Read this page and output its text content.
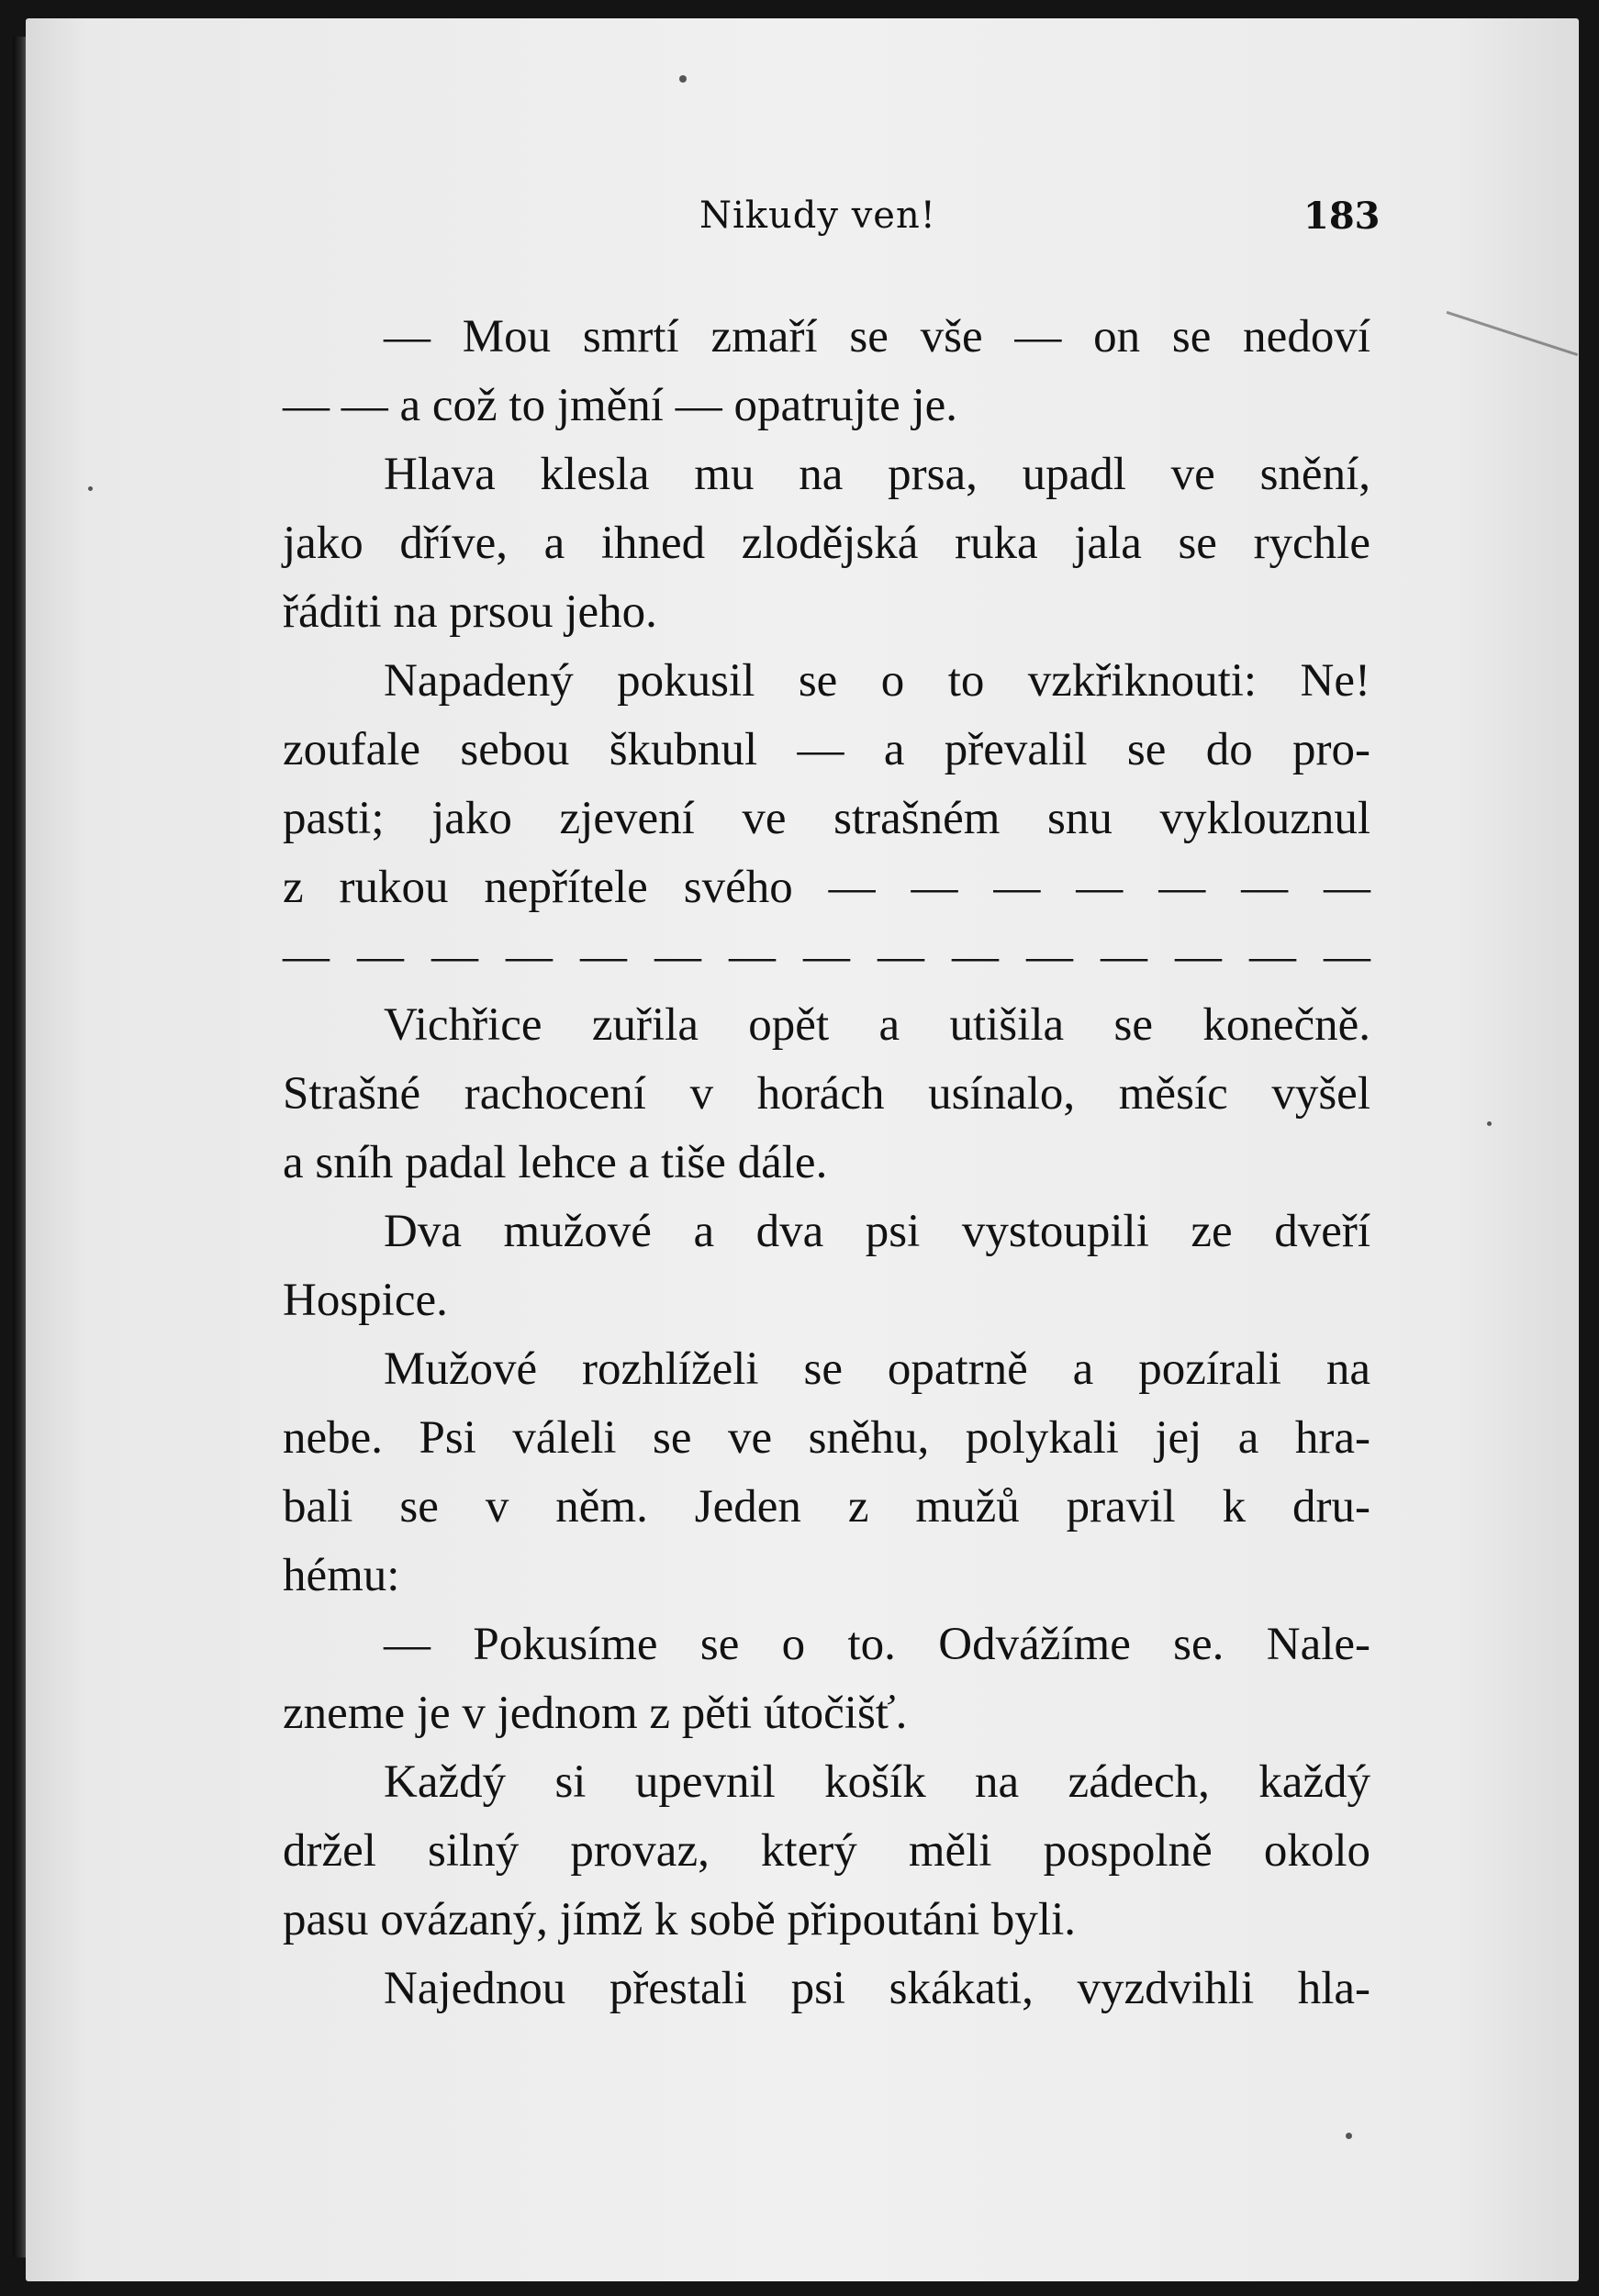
Nikudy ven!	183
— Mou smrtí zmaří se vše — on se nedoví
— — a což to jmění — opatrujte je.
Hlava klesla mu na prsa, upadl ve snění,
jako dříve, a ihned zlodějská ruka jala se rychle
řáditi na prsou jeho.
Napadený pokusil se o to vzkřiknouti: Ne!
zoufale sebou škubnul — a převalil se do pro-
pasti; jako zjevení ve strašném snu vyklouznul
z rukou nepřítele svého — — — — — — —
— — — — — — — — — — — — — — —
Vichřice zuřila opět a utišila se konečně.
Strašné rachocení v horách usínalo, měsíc vyšel
a sníh padal lehce a tiše dále.
Dva mužové a dva psi vystoupili ze dveří
Hospice.
Mužové rozhlíželi se opatrně a pozírali na
nebe. Psi váleli se ve sněhu, polykali jej a hra-
bali se v něm. Jeden z mužů pravil k dru-
hému:
— Pokusíme se o to. Odvážíme se. Nale-
zneme je v jednom z pěti útočišť.
Každý si upevnil košík na zádech, každý
držel silný provaz, který měli pospolně okolo
pasu ovázaný, jímž k sobě připoutáni byli.
Najednou přestali psi skákati, vyzdvihli hla-
